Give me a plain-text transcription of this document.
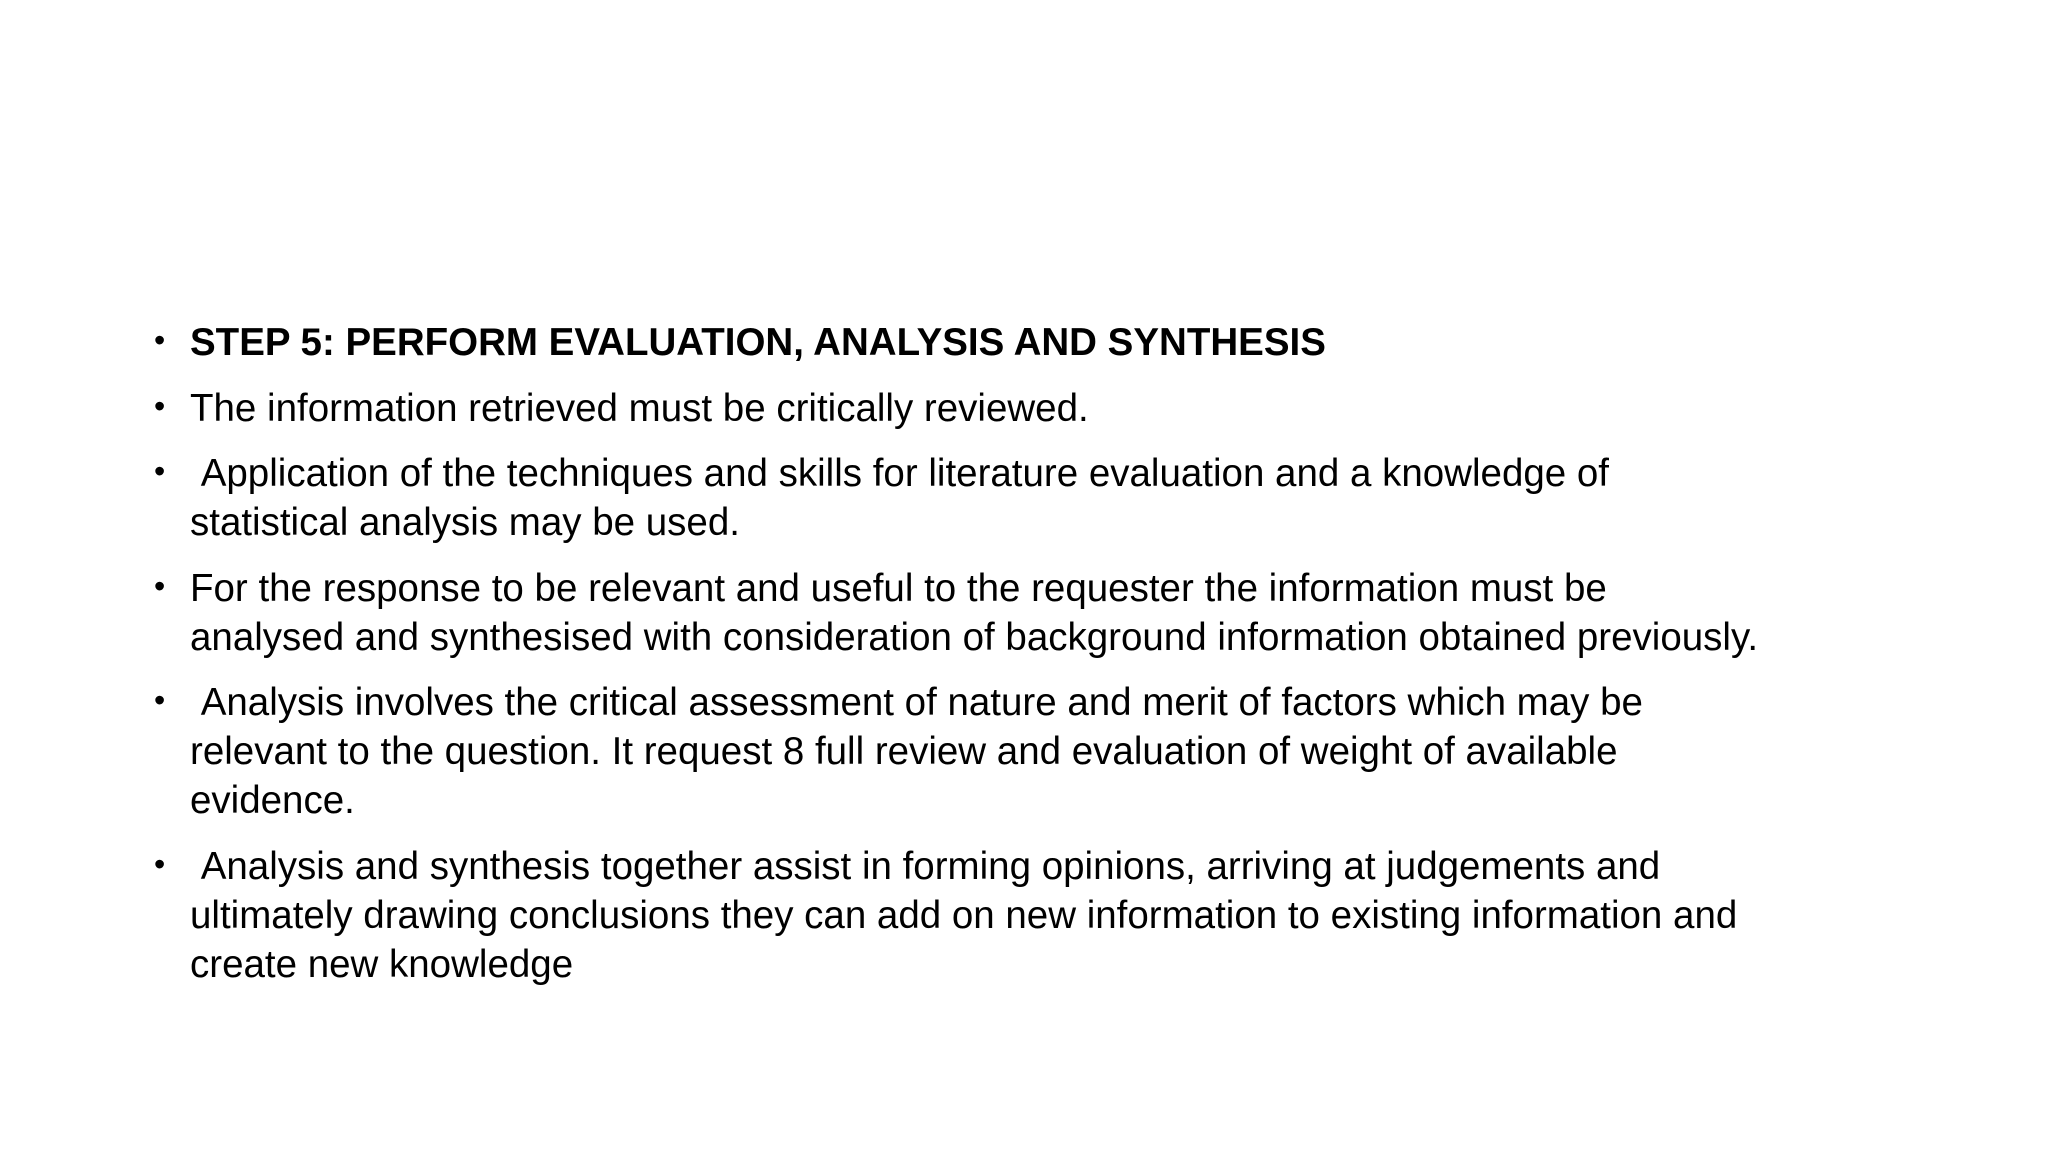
• STEP 5: PERFORM EVALUATION, ANALYSIS AND SYNTHESIS
• The information retrieved must be critically reviewed.
• Application of the techniques and skills for literature evaluation and a knowledge of
statistical analysis may be used.
• For the response to be relevant and useful to the requester the information must be
analysed and synthesised with consideration of background information obtained previously.
• Analysis involves the critical assessment of nature and merit of factors which may be
relevant to the question. It request 8 full review and evaluation of weight of available
evidence.
• Analysis and synthesis together assist in forming opinions, arriving at judgements and
ultimately drawing conclusions they can add on new information to existing information and
create new knowledge
